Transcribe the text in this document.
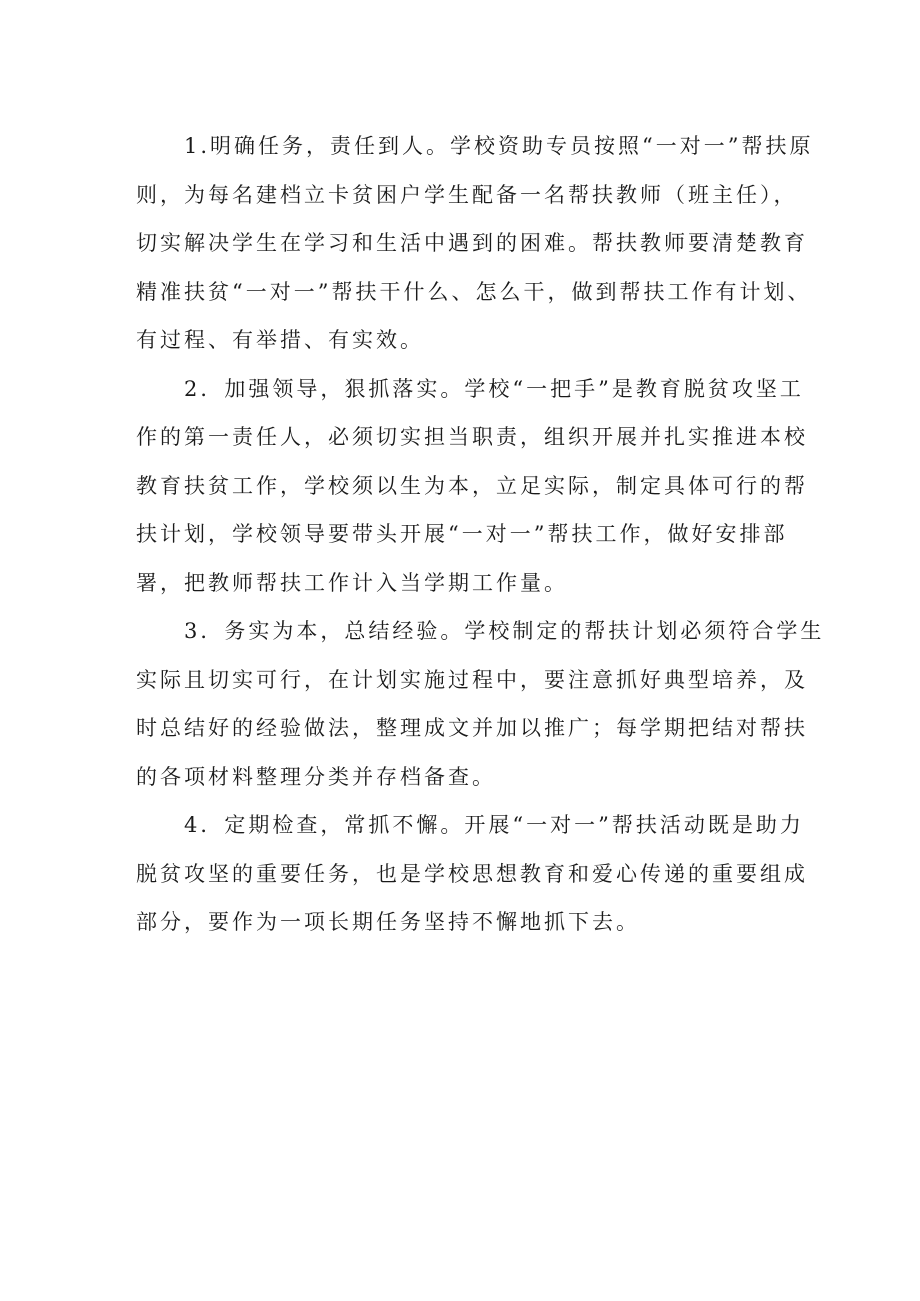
1.明确任务，责任到人。学校资助专员按照“一对一”帮扶原
则，为每名建档立卡贫困户学生配备一名帮扶教师（班主任），
切实解决学生在学习和生活中遇到的困难。帮扶教师要清楚教育
精准扶贫“一对一”帮扶干什么、怎么干，做到帮扶工作有计划、
有过程、有举措、有实效。
2．加强领导，狠抓落实。学校“一把手”是教育脱贫攻坚工
作的第一责任人，必须切实担当职责，组织开展并扎实推进本校
教育扶贫工作，学校须以生为本，立足实际，制定具体可行的帮
扶计划，学校领导要带头开展“一对一”帮扶工作，做好安排部
署，把教师帮扶工作计入当学期工作量。
3．务实为本，总结经验。学校制定的帮扶计划必须符合学生
实际且切实可行，在计划实施过程中，要注意抓好典型培养，及
时总结好的经验做法，整理成文并加以推广；每学期把结对帮扶
的各项材料整理分类并存档备查。
4．定期检查，常抓不懈。开展“一对一”帮扶活动既是助力
脱贫攻坚的重要任务，也是学校思想教育和爱心传递的重要组成
部分，要作为一项长期任务坚持不懈地抓下去。
